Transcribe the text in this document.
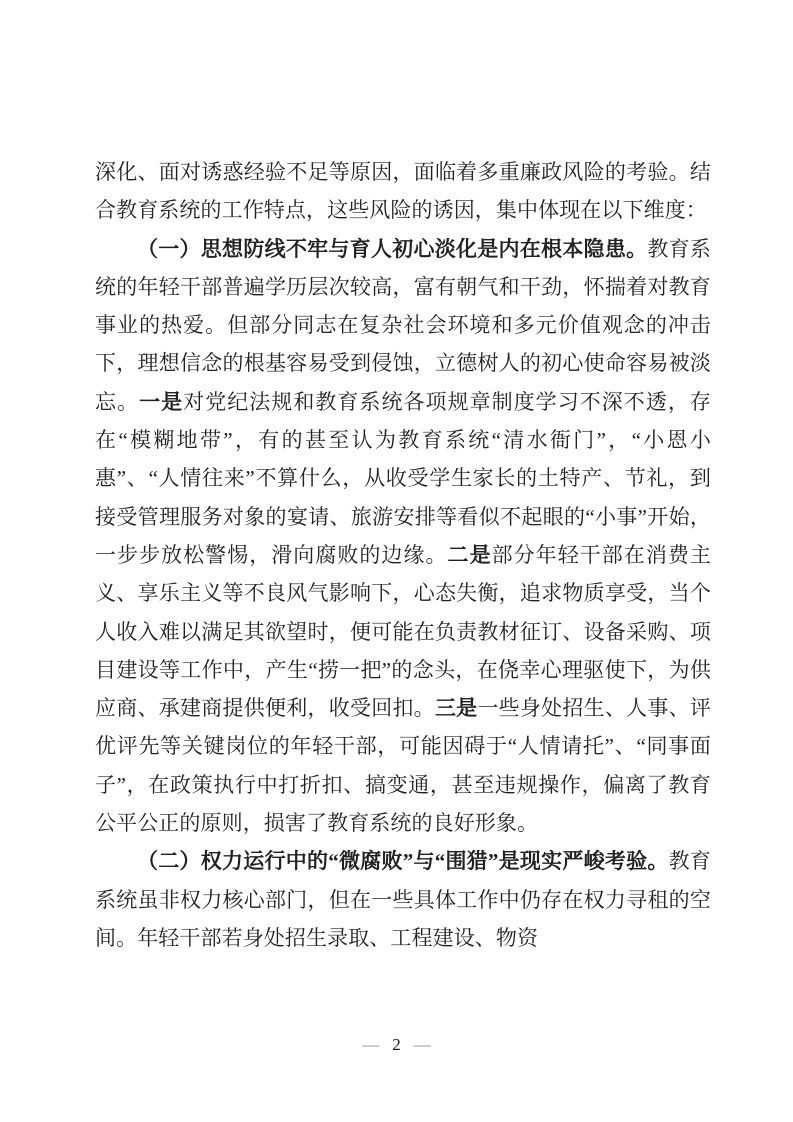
深化、面对诱惑经验不足等原因，面临着多重廉政风险的考验。结合教育系统的工作特点，这些风险的诱因，集中体现在以下维度：

（一）思想防线不牢与育人初心淡化是内在根本隐患。教育系统的年轻干部普遍学历层次较高，富有朝气和干劲，怀揣着对教育事业的热爱。但部分同志在复杂社会环境和多元价值观念的冲击下，理想信念的根基容易受到侵蚀，立德树人的初心使命容易被淡忘。一是对党纪法规和教育系统各项规章制度学习不深不透，存在“模糊地带”，有的甚至认为教育系统“清水衙门”，“小恩小惠”、“人情往来”不算什么，从收受学生家长的土特产、节礼，到接受管理服务对象的宴请、旅游安排等看似不起眼的“小事”开始，一步步放松警惕，滑向腐败的边缘。二是部分年轻干部在消费主义、享乐主义等不良风气影响下，心态失衡，追求物质享受，当个人收入难以满足其欲望时，便可能在负责教材征订、设备采购、项目建设等工作中，产生“捞一把”的念头，在侥幸心理驱使下，为供应商、承建商提供便利，收受回扣。三是一些身处招生、人事、评优评先等关键岗位的年轻干部，可能因碍于“人情请托”、“同事面子”，在政策执行中打折扣、搞变通，甚至违规操作，偏离了教育公平公正的原则，损害了教育系统的良好形象。

（二）权力运行中的“微腐败”与“围猎”是现实严峻考验。教育系统虽非权力核心部门，但在一些具体工作中仍存在权力寻租的空间。年轻干部若身处招生录取、工程建设、物资

— 2 —
